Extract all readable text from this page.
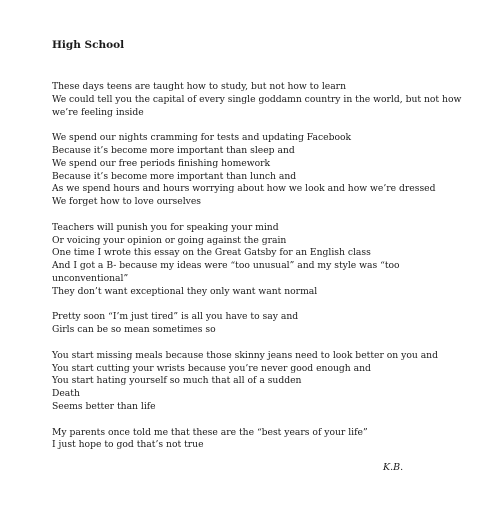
High School
These days teens are taught how to study, but not how to learn
We could tell you the capital of every single goddamn country in the world, but not how we’re feeling inside
We spend our nights cramming for tests and updating Facebook
Because it’s become more important than sleep and
We spend our free periods finishing homework
Because it’s become more important than lunch and
As we spend hours and hours worrying about how we look and how we’re dressed
We forget how to love ourselves
Teachers will punish you for speaking your mind
Or voicing your opinion or going against the grain
One time I wrote this essay on the Great Gatsby for an English class
And I got a B- because my ideas were “too unusual” and my style was “too unconventional”
They don’t want exceptional they only want want normal
Pretty soon “I’m just tired” is all you have to say and
Girls can be so mean sometimes so
You start missing meals because those skinny jeans need to look better on you and
You start cutting your wrists because you’re never good enough and
You start hating yourself so much that all of a sudden
Death
Seems better than life
My parents once told me that these are the “best years of your life”
I just hope to god that’s not true
K.B.
